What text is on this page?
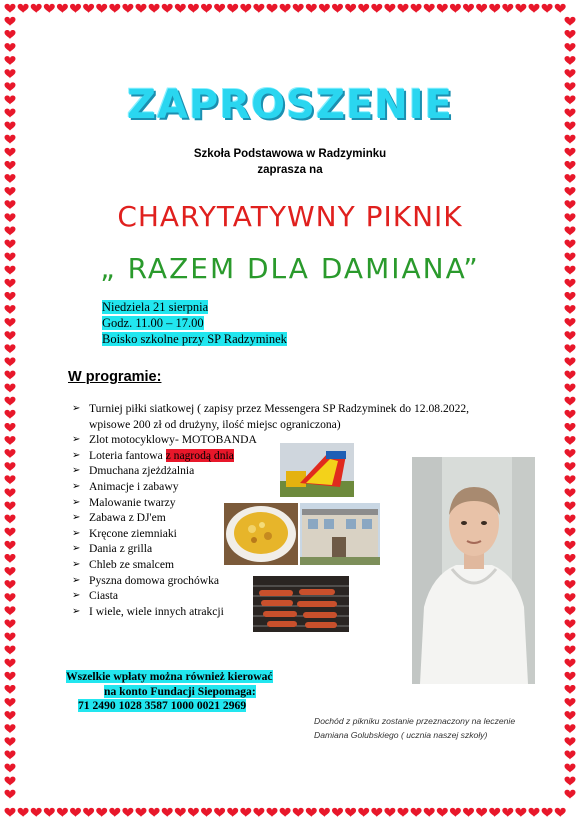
ZAPROSZENIE
Szkoła Podstawowa w Radzyminku
zaprasza na
CHARYTATYWNY PIKNIK
„ RAZEM DLA DAMIANA”
Niedziela 21 sierpnia
Godz. 11.00 – 17.00
Boisko szkolne przy SP Radzyminek
W programie:
➢ Turniej piłki siatkowej ( zapisy przez Messengera SP Radzyminek do 12.08.2022, wpisowe 200 zł od drużyny, ilość miejsc ograniczona)
➢ Zlot motocyklowy- MOTOBANDA
➢ Loteria fantowa z nagrodą dnia
➢ Dmuchana zjeżdżalnia
➢ Animacje i zabawy
➢ Malowanie twarzy
➢ Zabawa z DJ'em
➢ Kręcone ziemniaki
➢ Dania z grilla
➢ Chleb ze smalcem
➢ Pyszna domowa grochówka
➢ Ciasta
➢ I wiele, wiele innych atrakcji
Wszelkie wpłaty można również kierować
na konto Fundacji Siepomaga:
71 2490 1028 3587 1000 0021 2969
Dochód z pikniku zostanie przeznaczony na leczenie
Damiana Golubskiego ( ucznia naszej szkoły)
